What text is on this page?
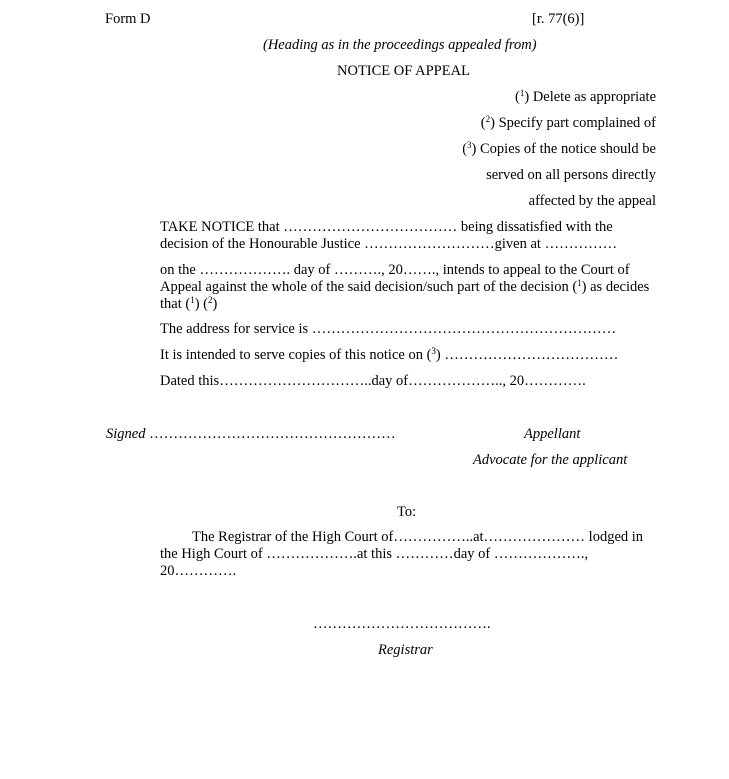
Form D	[r. 77(6)]
(Heading as in the proceedings appealed from)
NOTICE OF APPEAL
($^1$) Delete as appropriate
($^2$) Specify part complained of
($^3$) Copies of the notice should be
served on all persons directly
affected by the appeal
TAKE NOTICE that ……………………………… being dissatisfied with the decision of the Honourable Justice ………………………given at ……………
on the ………………. day of ………., 20……., intends to appeal to the Court of Appeal against the whole of the said decision/such part of the decision ($^1$) as decides that ($^1$) ($^2$)
The address for service is ………………………………………………………
It is intended to serve copies of this notice on ($^3$) ………………………………
Dated this…………………………..day of……………….., 20………….
Signed ……………………………………………	Appellant
Advocate for the applicant
To:
The Registrar of the High Court of……………..at………………… lodged in the High Court of ……………….at this …………day of ………………., 20………….
……………………………….
Registrar
